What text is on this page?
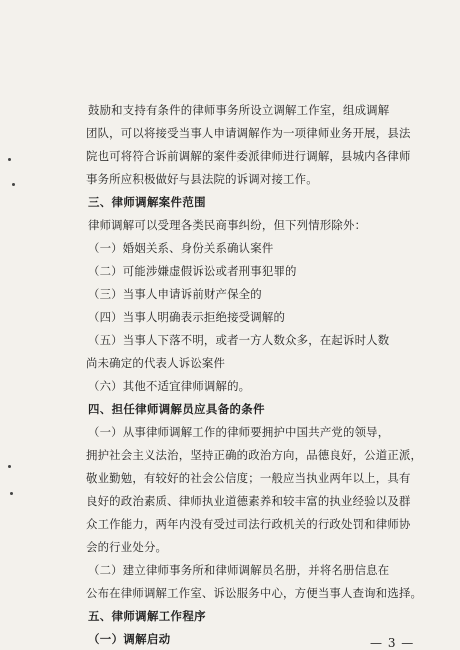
鼓励和支持有条件的律师事务所设立调解工作室，组成调解
团队，可以将接受当事人申请调解作为一项律师业务开展，县法
院也可将符合诉前调解的案件委派律师进行调解，县城内各律师
事务所应积极做好与县法院的诉调对接工作。
三、律师调解案件范围
律师调解可以受理各类民商事纠纷，但下列情形除外：
（一）婚姻关系、身份关系确认案件
（二）可能涉嫌虚假诉讼或者刑事犯罪的
（三）当事人申请诉前财产保全的
（四）当事人明确表示拒绝接受调解的
（五）当事人下落不明，或者一方人数众多，在起诉时人数
尚未确定的代表人诉讼案件
（六）其他不适宜律师调解的。
四、担任律师调解员应具备的条件
（一）从事律师调解工作的律师要拥护中国共产党的领导，
拥护社会主义法治，坚持正确的政治方向，品德良好，公道正派，
敬业勤勉，有较好的社会公信度；一般应当执业两年以上，具有
良好的政治素质、律师执业道德素养和较丰富的执业经验以及群
众工作能力，两年内没有受过司法行政机关的行政处罚和律师协
会的行业处分。
（二）建立律师事务所和律师调解员名册，并将名册信息在
公布在律师调解工作室、诉讼服务中心，方便当事人查询和选择。
五、律师调解工作程序
（一）调解启动	— 3 —
